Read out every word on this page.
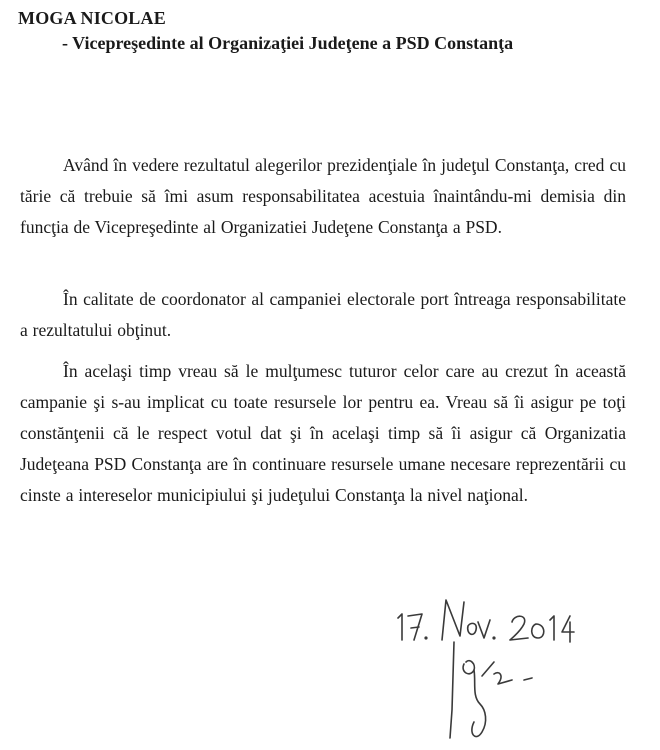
MOGA NICOLAE
- Vicepreşedinte al Organizaţiei Judeţene a PSD Constanţa

Având în vedere rezultatul alegerilor prezidenţiale în judeţul Constanţa, cred cu tărie că trebuie să îmi asum responsabilitatea acestuia înaintându-mi demisia din funcţia de Vicepreşedinte al Organizatiei Judeţene Constanţa a PSD.

În calitate de coordonator al campaniei electorale port întreaga responsabilitate a rezultatului obţinut.

În acelaşi timp vreau să le mulţumesc tuturor celor care au crezut în această campanie şi s-au implicat cu toate resursele lor pentru ea. Vreau să îi asigur pe toţi constănţenii că le respect votul dat şi în acelaşi timp să îi asigur că Organizatia Judeţeana PSD Constanţa are în continuare resursele umane necesare reprezentării cu cinste a intereselor municipiului şi judeţului Constanţa la nivel naţional.
